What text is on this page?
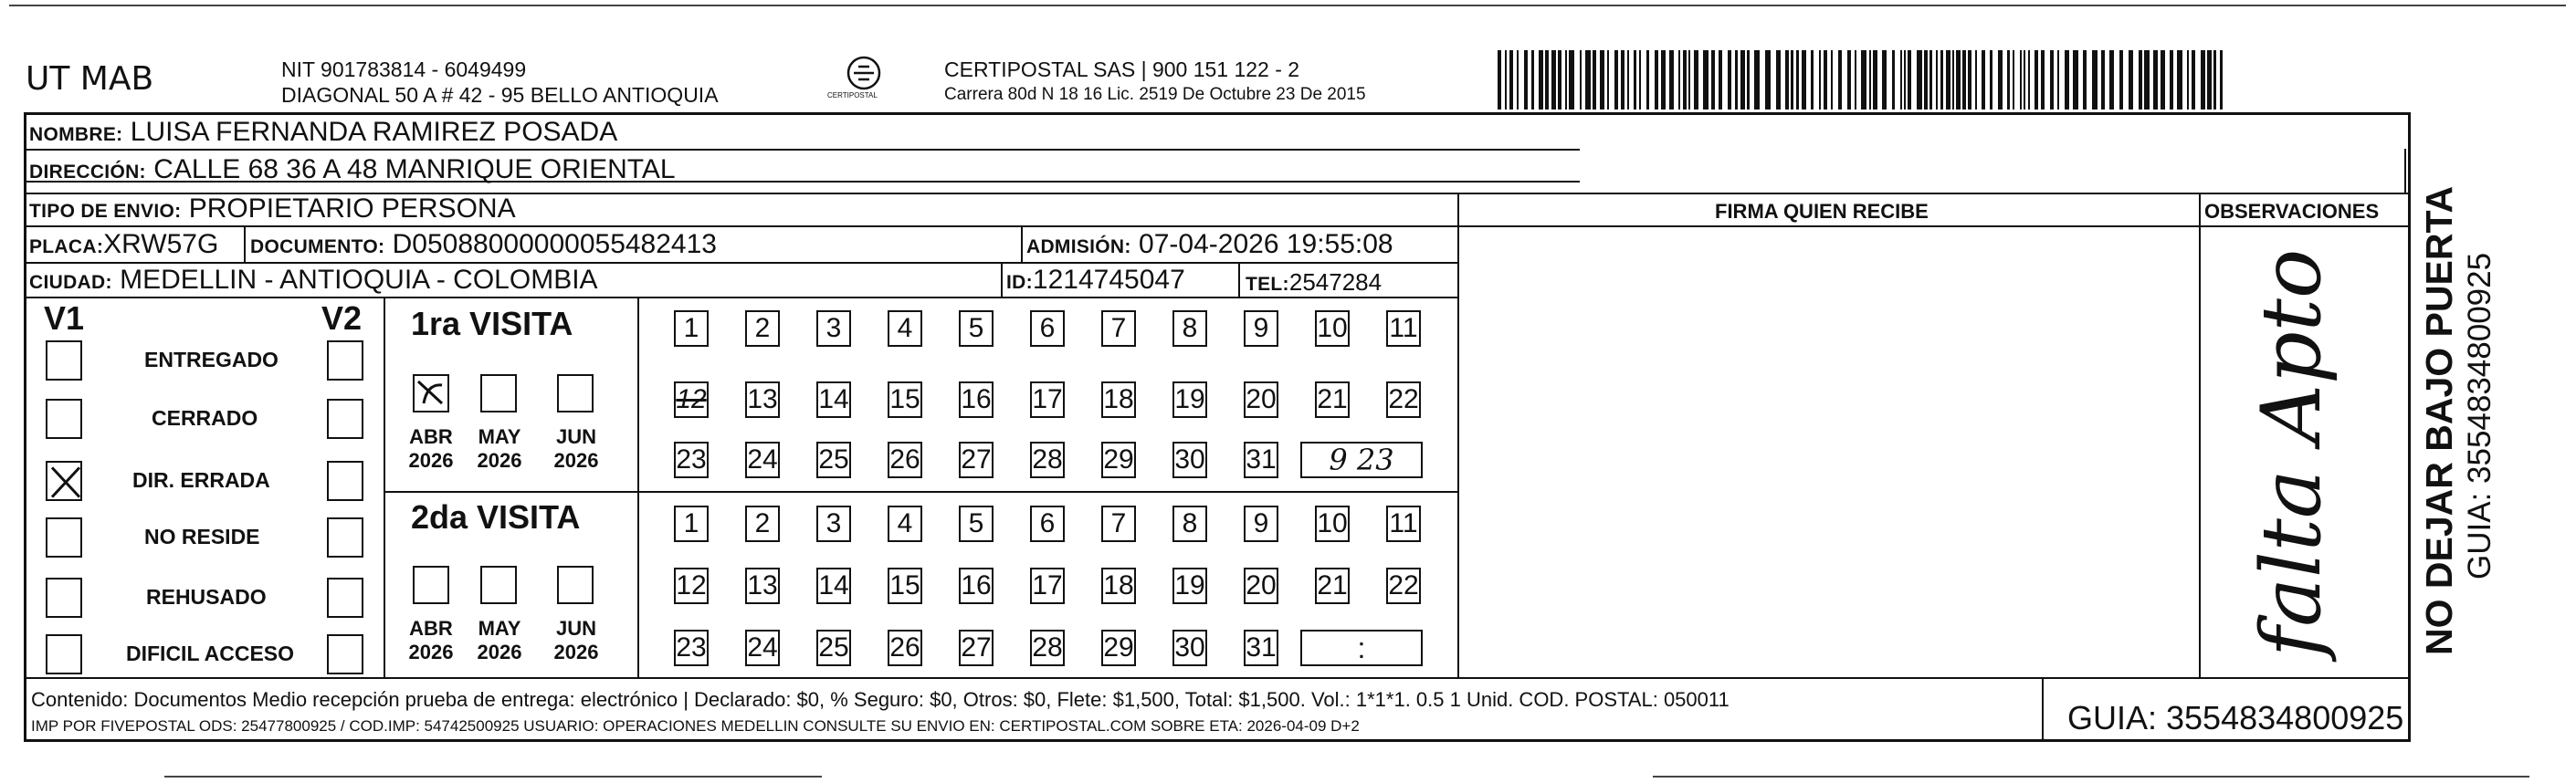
UT MAB	NIT 901783814 - 6049499
DIAGONAL 50 A # 42 - 95 BELLO ANTIOQUIA	CERTIPOSTAL
CERTIPOSTAL SAS | 900 151 122 - 2
Carrera 80d N 18 16 Lic. 2519 De Octubre 23 De 2015
NOMBRE: LUISA FERNANDA RAMIREZ POSADA
DIRECCIÓN: CALLE 68 36 A 48 MANRIQUE ORIENTAL
TIPO DE ENVIO: PROPIETARIO PERSONA	FIRMA QUIEN RECIBE	OBSERVACIONES
PLACA:XRW57G DOCUMENTO: D05088000000055482413	ADMISIÓN: 07-04-2026 19:55:08
CIUDAD: MEDELLIN - ANTIOQUIA - COLOMBIA	ID:1214745047	TEL:2547284
V1	V2
ENTREGADO
CERRADO
DIR. ERRADA
NO RESIDE
REHUSADO
DIFICIL ACCESO
1ra VISITA
2da VISITA
ABR
2026
MAY
2026
JUN
2026
1	2	3	4	5	6	7	8	9	10 11
12 13 14 15 16 17 18 19 20 21 22
23 24 25 26 27 28 29 30 31	9 23
ABR
2026
MAY
2026
JUN
2026
1	2	3	4	5	6	7	8	9	10 11
12 13 14 15 16 17 18 19 20 21 22
23 24 25 26 27 28 29 30 31	:	falta Apto
Contenido: Documentos Medio recepción prueba de entrega: electrónico | Declarado: $0, % Seguro: $0, Otros: $0, Flete: $1,500, Total: $1,500. Vol.: 1*1*1. 0.5 1 Unid. COD. POSTAL: 050011
IMP POR FIVEPOSTAL ODS: 25477800925 / COD.IMP: 54742500925 USUARIO: OPERACIONES MEDELLIN CONSULTE SU ENVIO EN: CERTIPOSTAL.COM SOBRE ETA: 2026-04-09 D+2	GUIA: 3554834800925
NO DEJAR BAJO PUERTA GUIA: 3554834800925
